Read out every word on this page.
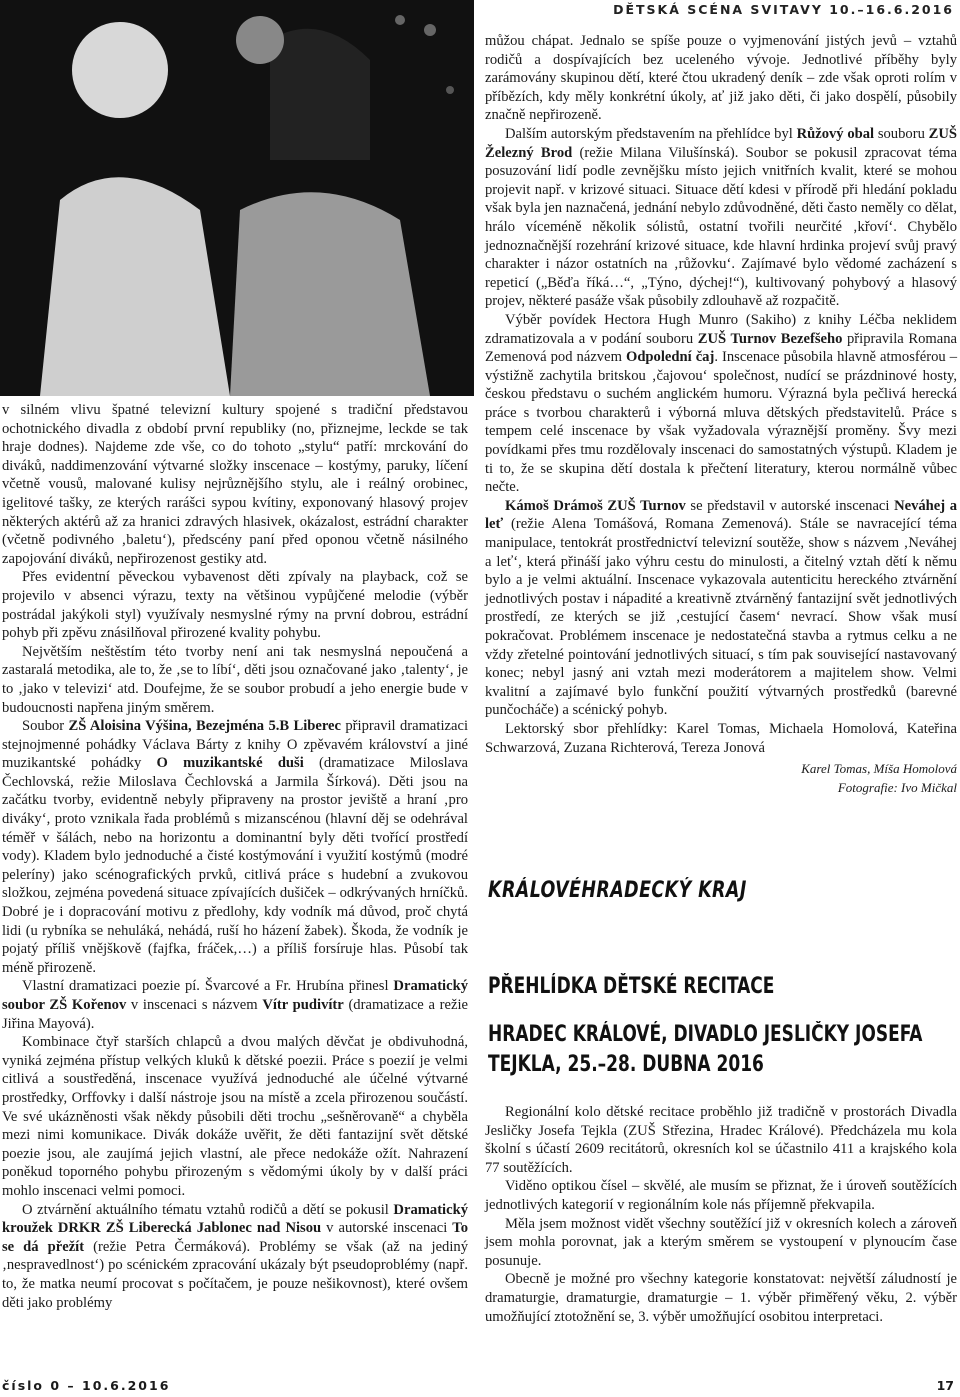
DĚTSKÁ SCÉNA SVITAVY 10.–16.6.2016

v silném vlivu špatné televizní kultury spojené s tradiční představou ochotnického divadla z období první republiky (no, přiznejme, leckde se tak hraje dodnes). Najdeme zde vše, co do tohoto „stylu“ patří: mrckování do diváků, naddimenzování výtvarné složky inscenace – kostýmy, paruky, líčení včetně vousů, malované kulisy nejrůznějšího stylu, ale i reálný orobinec, igelitové tašky, ze kterých rarášci sypou kvítiny, exponovaný hlasový projev některých aktérů až za hranici zdravých hlasivek, okázalost, estrádní charakter (včetně podivného ‚baletu‘), předscény paní před oponou včetně násilného zapojování diváků, nepřirozenost gestiky atd.

Přes evidentní pěveckou vybavenost děti zpívaly na playback, což se projevilo v absenci výrazu, texty na většinou vypůjčené melodie (výběr postrádal jakýkoli styl) využívaly nesmyslné rýmy na první dobrou, estrádní pohyb při zpěvu znásilňoval přirozené kvality pohybu.

Největším neštěstím této tvorby není ani tak nesmyslná nepoučená a zastaralá metodika, ale to, že ‚se to líbí‘, děti jsou označované jako ‚talenty‘, je to ‚jako v televizi‘ atd. Doufejme, že se soubor probudí a jeho energie bude v budoucnosti napřena jiným směrem.

Soubor ZŠ Aloisina Výšina, Bezejména 5.B Liberec připravil dramatizaci stejnojmenné pohádky Václava Bárty z knihy O zpěvavém království a jiné muzikantské pohádky O muzikantské duši (dramatizace Miloslava Čechlovská, režie Miloslava Čechlovská a Jarmila Šírková). Děti jsou na začátku tvorby, evidentně nebyly připraveny na prostor jeviště a hraní ‚pro diváky‘, proto vznikala řada problémů s mizanscénou (hlavní děj se odehrával téměř v šálách, nebo na horizontu a dominantní byly děti tvořící prostředí vody). Kladem bylo jednoduché a čisté kostýmování i využití kostýmů (modré peleríny) jako scénografických prvků, citlivá práce s hudební a zvukovou složkou, zejména povedená situace zpívajících dušiček – odkrývaných hrníčků. Dobré je i dopracování motivu z předlohy, kdy vodník má důvod, proč chytá lidi (u rybníka se nehuláká, nehádá, ruší ho házení žabek). Škoda, že vodník je pojatý příliš vnějškově (fajfka, fráček,…) a příliš forsíruje hlas. Působí tak méně přirozeně.

Vlastní dramatizaci poezie pí. Švarcové a Fr. Hrubína přinesl Dramatický soubor ZŠ Kořenov v inscenaci s názvem Vítr pudivítr (dramatizace a režie Jiřina Mayová).

Kombinace čtyř starších chlapců a dvou malých děvčat je obdivuhodná, vyniká zejména přístup velkých kluků k dětské poezii. Práce s poezií je velmi citlivá a soustředěná, inscenace využívá jednoduché ale účelné výtvarné prostředky, Orffovky i další nástroje jsou na místě a zcela přirozenou součástí. Ve své ukázněnosti však někdy působili děti trochu „sešněrovaně“ a chyběla mezi nimi komunikace. Divák dokáže uvěřit, že děti fantazijní svět dětské poezie jsou, ale zaujímá jejich vlastní, ale přece nedokáže ožít. Nahrazení poněkud toporného pohybu přirozeným s vědomými úkoly by v další práci mohlo inscenaci velmi pomoci.

O ztvárnění aktuálního tématu vztahů rodičů a dětí se pokusil Dramatický kroužek DRKR ZŠ Liberecká Jablonec nad Nisou v autorské inscenaci To se dá přežít (režie Petra Čermáková). Problémy se však (až na jediný ‚nespravedlnost‘) po scénickém zpracování ukázaly být pseudoproblémy (např. to, že matka neumí procovat s počítačem, je pouze nešikovnost), které ovšem děti jako problémy

můžou chápat. Jednalo se spíše pouze o vyjmenování jistých jevů – vztahů rodičů a dospívajících bez uceleného vývoje. Jednotlivé příběhy byly zarámovány skupinou dětí, které čtou ukradený deník – zde však oproti rolím v příbězích, kdy měly konkrétní úkoly, ať již jako děti, či jako dospělí, působily značně nepřirozeně.

Dalším autorským představením na přehlídce byl Růžový obal souboru ZUŠ Železný Brod (režie Milana Vilušínská). Soubor se pokusil zpracovat téma posuzování lidí podle zevnějšku místo jejich vnitřních kvalit, které se mohou projevit např. v krizové situaci. Situace dětí kdesi v přírodě při hledání pokladu však byla jen naznačená, jednání nebylo zdůvodněné, děti často neměly co dělat, hrálo víceméně několik sólistů, ostatní tvořili neurčité ‚křoví‘. Chybělo jednoznačnější rozehrání krizové situace, kde hlavní hrdinka projeví svůj pravý charakter i názor ostatních na ‚růžovku‘. Zajímavé bylo vědomé zacházení s repeticí („Běďa říká…“, „Týno, dýchej!“), kultivovaný pohybový a hlasový projev, některé pasáže však působily zdlouhavě až rozpačitě.

Výběr povídek Hectora Hugh Munro (Sakiho) z knihy Léčba neklidem zdramatizovala a v podání souboru ZUŠ Turnov Bezefšeho připravila Romana Zemenová pod názvem Odpolední čaj. Inscenace působila hlavně atmosférou – výstižně zachytila britskou ‚čajovou‘ společnost, nudící se prázdninové hosty, českou představu o suchém anglickém humoru. Výrazná byla pečlivá herecká práce s tvorbou charakterů i výborná mluva dětských představitelů. Práce s tempem celé inscenace by však vyžadovala výraznější proměny. Švy mezi povídkami přes tmu rozdělovaly inscenaci do samostatných výstupů. Kladem je ti to, že se skupina dětí dostala k přečtení literatury, kterou normálně vůbec nečte.

Kámoš Drámoš ZUŠ Turnov se představil v autorské inscenaci Neváhej a leť (režie Alena Tomášová, Romana Zemenová). Stále se navracející téma manipulace, tentokrát prostřednictví televizní soutěže, show s názvem ‚Neváhej a leť‘, která přináší jako výhru cestu do minulosti, a čitelný vztah dětí k němu bylo a je velmi aktuální. Inscenace vykazovala autenticitu hereckého ztvárnění jednotlivých postav i nápadité a kreativně ztvárněný fantazijní svět jednotlivých prostředí, ze kterých se již ‚cestující časem‘ nevrací. Show však musí pokračovat. Problémem inscenace je nedostatečná stavba a rytmus celku a ne vždy zřetelné pointování jednotlivých situací, s tím pak související nastavovaný konec; nebyl jasný ani vztah mezi moderátorem a majitelem show. Velmi kvalitní a zajímavé bylo funkční použití výtvarných prostředků (barevné punčocháče) a scénický pohyb.

Lektorský sbor přehlídky: Karel Tomas, Michaela Homolová, Kateřina Schwarzová, Zuzana Richterová, Tereza Jonová

Karel Tomas, Míša Homolová
Fotografie: Ivo Mičkal
KRÁLOVÉHRADECKÝ KRAJ
PŘEHLÍDKA DĚTSKÉ RECITACE
HRADEC KRÁLOVÉ, DIVADLO JESLIČKY JOSEFA TEJKLA, 25.–28. DUBNA 2016

Regionální kolo dětské recitace proběhlo již tradičně v prostorách Divadla Jesličky Josefa Tejkla (ZUŠ Střezina, Hradec Králové). Předcházela mu kola školní s účastí 2609 recitátorů, okresních kol se účastnilo 411 a krajského kola 77 soutěžících.

Viděno optikou čísel – skvělé, ale musím se přiznat, že i úroveň soutěžících jednotlivých kategorií v regionálním kole nás příjemně překvapila.

Měla jsem možnost vidět všechny soutěžící již v okresních kolech a zároveň jsem mohla porovnat, jak a kterým směrem se vystoupení v plynoucím čase posunuje.

Obecně je možné pro všechny kategorie konstatovat: největší záludností je dramaturgie, dramaturgie, dramaturgie – 1. výběr přiměřený věku, 2. výběr umožňující ztotožnění se, 3. výběr umožňující osobitou interpretaci.

číslo 0 – 10.6.2016	17
